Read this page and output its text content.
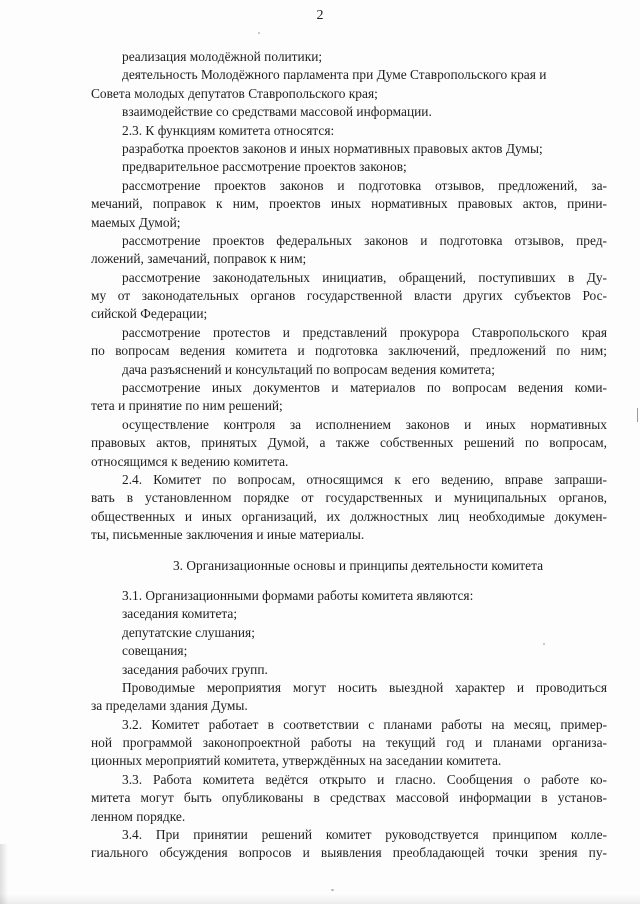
2
реализация молодёжной политики;
деятельность Молодёжного парламента при Думе Ставропольского края и
Совета молодых депутатов Ставропольского края;
взаимодействие со средствами массовой информации.
2.3. К функциям комитета относятся:
разработка проектов законов и иных нормативных правовых актов Думы;
предварительное рассмотрение проектов законов;
рассмотрение проектов законов и подготовка отзывов, предложений, за-
мечаний, поправок к ним, проектов иных нормативных правовых актов, прини-
маемых Думой;
рассмотрение проектов федеральных законов и подготовка отзывов, пред-
ложений, замечаний, поправок к ним;
рассмотрение законодательных инициатив, обращений, поступивших в Ду-
му от законодательных органов государственной власти других субъектов Рос-
сийской Федерации;
рассмотрение протестов и представлений прокурора Ставропольского края
по вопросам ведения комитета и подготовка заключений, предложений по ним;
дача разъяснений и консультаций по вопросам ведения комитета;
рассмотрение иных документов и материалов по вопросам ведения коми-
тета и принятие по ним решений;
осуществление контроля за исполнением законов и иных нормативных
правовых актов, принятых Думой, а также собственных решений по вопросам,
относящимся к ведению комитета.
2.4. Комитет по вопросам, относящимся к его ведению, вправе запраши-
вать в установленном порядке от государственных и муниципальных органов,
общественных и иных организаций, их должностных лиц необходимые докумен-
ты, письменные заключения и иные материалы.
3. Организационные основы и принципы деятельности комитета
3.1. Организационными формами работы комитета являются:
заседания комитета;
депутатские слушания;
совещания;
заседания рабочих групп.
Проводимые мероприятия могут носить выездной характер и проводиться
за пределами здания Думы.
3.2. Комитет работает в соответствии с планами работы на месяц, пример-
ной программой законопроектной работы на текущий год и планами организа-
ционных мероприятий комитета, утверждённых на заседании комитета.
3.3. Работа комитета ведётся открыто и гласно. Сообщения о работе ко-
митета могут быть опубликованы в средствах массовой информации в установ-
ленном порядке.
3.4. При принятии решений комитет руководствуется принципом колле-
гиального обсуждения вопросов и выявления преобладающей точки зрения пу-
